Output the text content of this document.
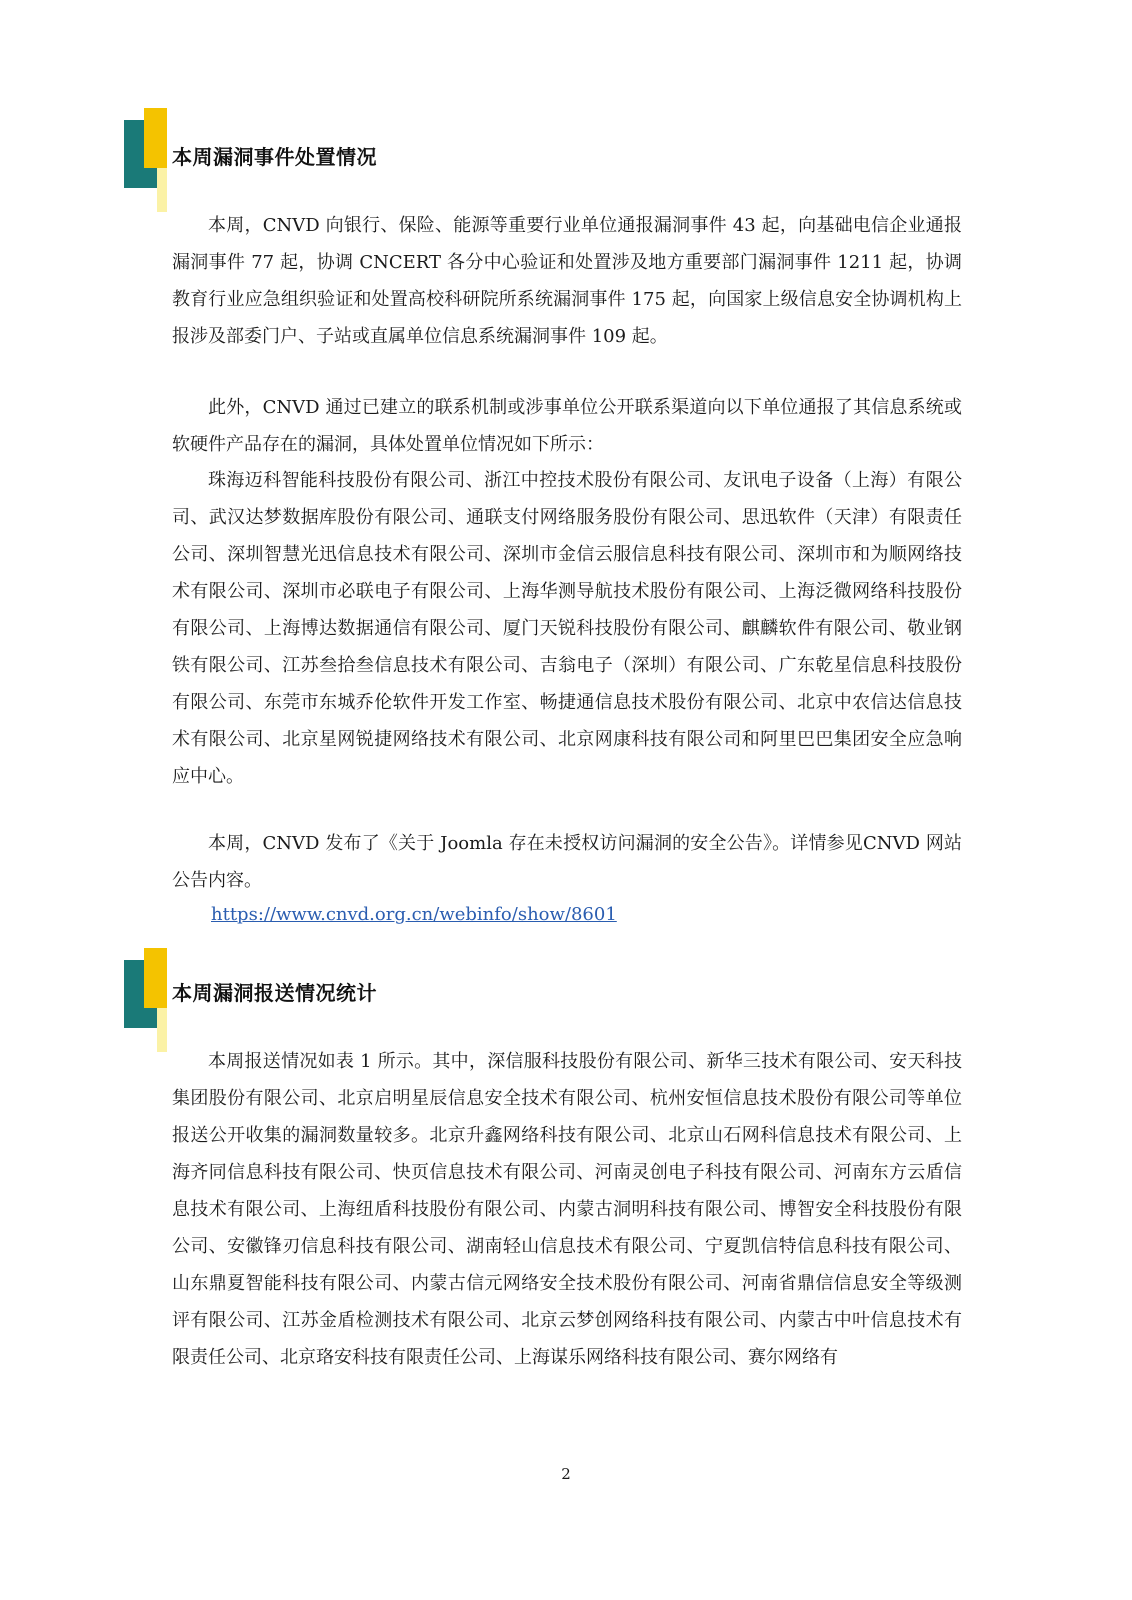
本周漏洞事件处置情况

本周，CNVD 向银行、保险、能源等重要行业单位通报漏洞事件 43 起，向基础电信企业通报漏洞事件 77 起，协调 CNCERT 各分中心验证和处置涉及地方重要部门漏洞事件 1211 起，协调教育行业应急组织验证和处置高校科研院所系统漏洞事件 175 起，向国家上级信息安全协调机构上报涉及部委门户、子站或直属单位信息系统漏洞事件 109 起。

此外，CNVD 通过已建立的联系机制或涉事单位公开联系渠道向以下单位通报了其信息系统或软硬件产品存在的漏洞，具体处置单位情况如下所示：

珠海迈科智能科技股份有限公司、浙江中控技术股份有限公司、友讯电子设备（上海）有限公司、武汉达梦数据库股份有限公司、通联支付网络服务股份有限公司、思迅软件（天津）有限责任公司、深圳智慧光迅信息技术有限公司、深圳市金信云服信息科技有限公司、深圳市和为顺网络技术有限公司、深圳市必联电子有限公司、上海华测导航技术股份有限公司、上海泛微网络科技股份有限公司、上海博达数据通信有限公司、厦门天锐科技股份有限公司、麒麟软件有限公司、敬业钢铁有限公司、江苏叁拾叁信息技术有限公司、吉翁电子（深圳）有限公司、广东乾星信息科技股份有限公司、东莞市东城乔伦软件开发工作室、畅捷通信息技术股份有限公司、北京中农信达信息技术有限公司、北京星网锐捷网络技术有限公司、北京网康科技有限公司和阿里巴巴集团安全应急响应中心。

本周，CNVD 发布了《关于 Joomla 存在未授权访问漏洞的安全公告》。详情参见CNVD 网站公告内容。

https://www.cnvd.org.cn/webinfo/show/8601
本周漏洞报送情况统计

本周报送情况如表 1 所示。其中，深信服科技股份有限公司、新华三技术有限公司、安天科技集团股份有限公司、北京启明星辰信息安全技术有限公司、杭州安恒信息技术股份有限公司等单位报送公开收集的漏洞数量较多。北京升鑫网络科技有限公司、北京山石网科信息技术有限公司、上海齐同信息科技有限公司、快页信息技术有限公司、河南灵创电子科技有限公司、河南东方云盾信息技术有限公司、上海纽盾科技股份有限公司、内蒙古洞明科技有限公司、博智安全科技股份有限公司、安徽锋刃信息科技有限公司、湖南轻山信息技术有限公司、宁夏凯信特信息科技有限公司、山东鼎夏智能科技有限公司、内蒙古信元网络安全技术股份有限公司、河南省鼎信信息安全等级测评有限公司、江苏金盾检测技术有限公司、北京云梦创网络科技有限公司、内蒙古中叶信息技术有限责任公司、北京珞安科技有限责任公司、上海谋乐网络科技有限公司、赛尔网络有

2
